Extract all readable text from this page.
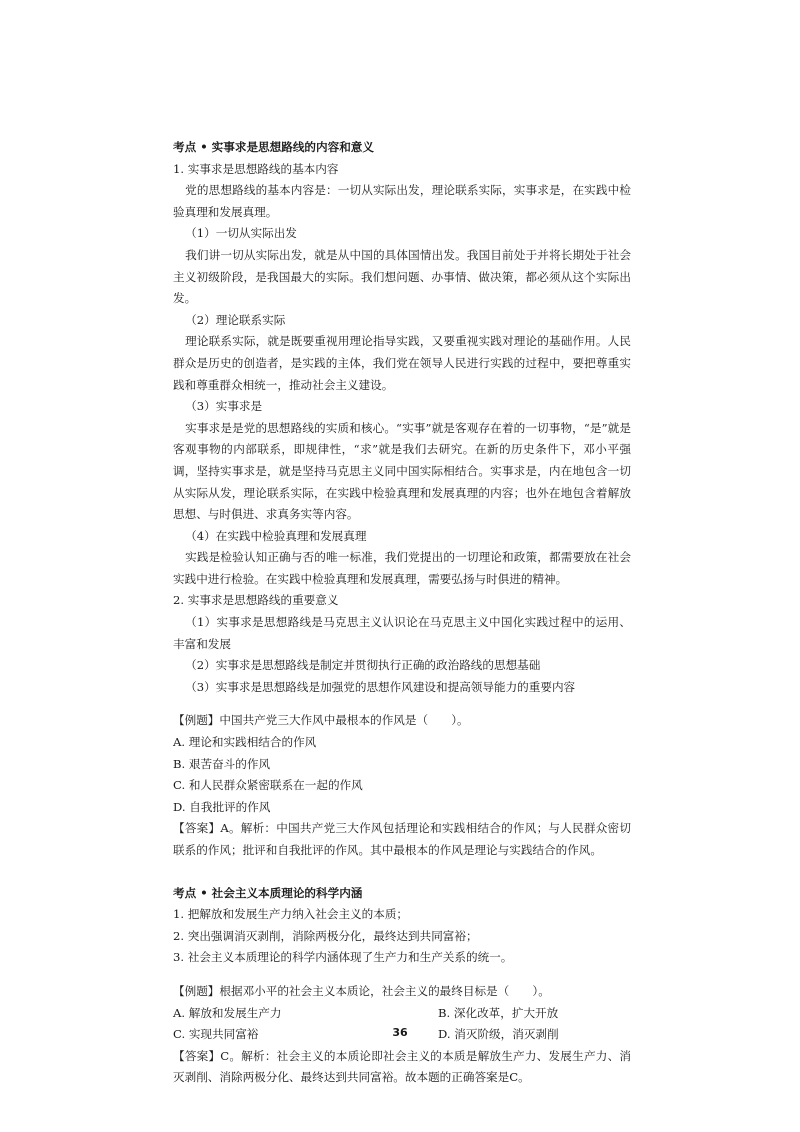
考点 • 实事求是思想路线的内容和意义

1. 实事求是思想路线的基本内容

党的思想路线的基本内容是：一切从实际出发，理论联系实际，实事求是，在实践中检验真理和发展真理。

（1）一切从实际出发

我们讲一切从实际出发，就是从中国的具体国情出发。我国目前处于并将长期处于社会主义初级阶段，是我国最大的实际。我们想问题、办事情、做决策，都必须从这个实际出发。

（2）理论联系实际

理论联系实际，就是既要重视用理论指导实践，又要重视实践对理论的基础作用。人民群众是历史的创造者，是实践的主体，我们党在领导人民进行实践的过程中，要把尊重实践和尊重群众相统一，推动社会主义建设。

（3）实事求是

实事求是是党的思想路线的实质和核心。“实事”就是客观存在着的一切事物，“是”就是客观事物的内部联系，即规律性，“求”就是我们去研究。在新的历史条件下，邓小平强调，坚持实事求是，就是坚持马克思主义同中国实际相结合。实事求是，内在地包含一切从实际从发，理论联系实际，在实践中检验真理和发展真理的内容；也外在地包含着解放思想、与时俱进、求真务实等内容。

（4）在实践中检验真理和发展真理

实践是检验认知正确与否的唯一标准，我们党提出的一切理论和政策，都需要放在社会实践中进行检验。在实践中检验真理和发展真理，需要弘扬与时俱进的精神。

2. 实事求是思想路线的重要意义

（1）实事求是思想路线是马克思主义认识论在马克思主义中国化实践过程中的运用、丰富和发展

（2）实事求是思想路线是制定并贯彻执行正确的政治路线的思想基础

（3）实事求是思想路线是加强党的思想作风建设和提高领导能力的重要内容

【例题】中国共产党三大作风中最根本的作风是（　　）。

A. 理论和实践相结合的作风

B. 艰苦奋斗的作风

C. 和人民群众紧密联系在一起的作风

D. 自我批评的作风

【答案】A。解析：中国共产党三大作风包括理论和实践相结合的作风；与人民群众密切联系的作风；批评和自我批评的作风。其中最根本的作风是理论与实践结合的作风。

考点 • 社会主义本质理论的科学内涵

1. 把解放和发展生产力纳入社会主义的本质；

2. 突出强调消灭剥削，消除两极分化，最终达到共同富裕；

3. 社会主义本质理论的科学内涵体现了生产力和生产关系的统一。

【例题】根据邓小平的社会主义本质论，社会主义的最终目标是（　　）。

A. 解放和发展生产力	B. 深化改革，扩大开放
C. 实现共同富裕	D. 消灭阶级，消灭剥削

【答案】C。解析：社会主义的本质论即社会主义的本质是解放生产力、发展生产力、消灭剥削、消除两极分化、最终达到共同富裕。故本题的正确答案是C。

36
